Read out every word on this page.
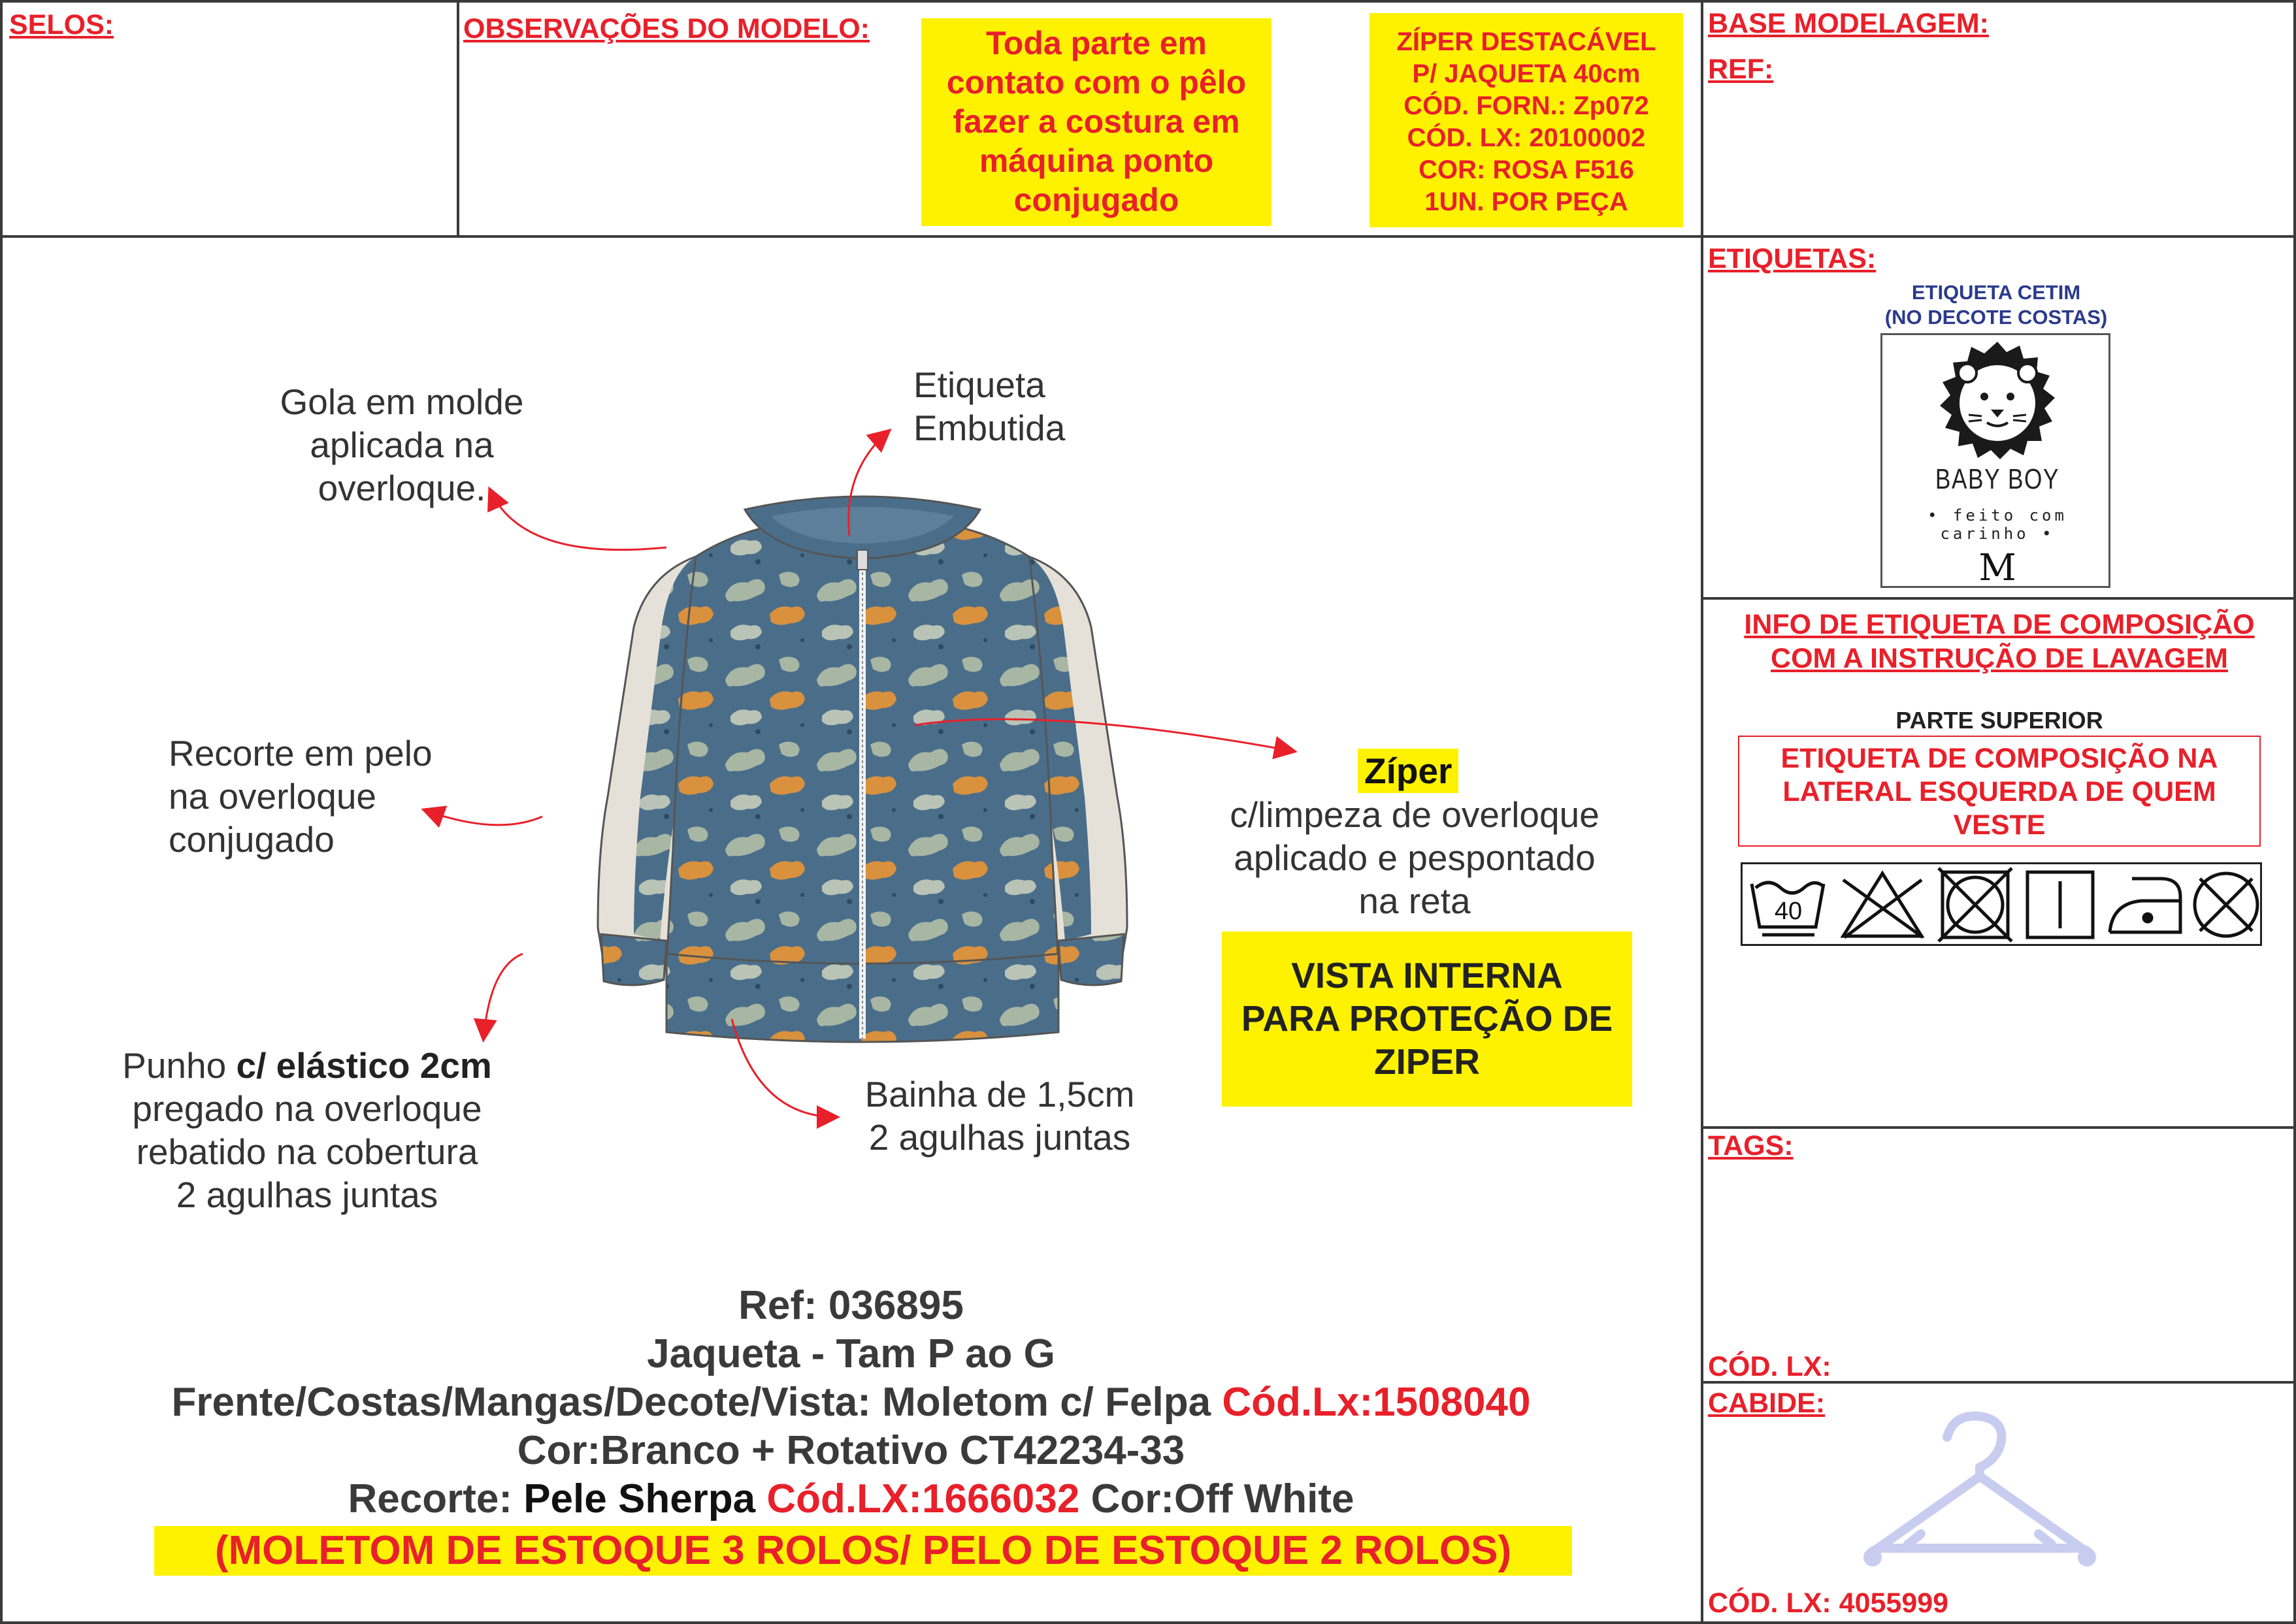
SELOS:	OBSERVAÇÕES DO MODELO:	Toda parte em
contato com o pêlo
fazer a costura em
máquina ponto
conjugado
ZÍPER DESTACÁVEL
P/ JAQUETA 40cm
CÓD. FORN.: Zp072
CÓD. LX: 20100002
COR: ROSA F516
1UN. POR PEÇA
BASE MODELAGEM:
REF:
ETIQUETAS:
ETIQUETA CETIM
(NO DECOTE COSTAS)
BABY BOY
• feito com carinho •
M
INFO DE ETIQUETA DE COMPOSIÇÃO
COM A INSTRUÇÃO DE LAVAGEM
PARTE SUPERIOR
ETIQUETA DE COMPOSIÇÃO NA
LATERAL ESQUERDA DE QUEM
VESTE
40
TAGS:
CÓD. LX:
CABIDE:
CÓD. LX: 4055999
Gola em molde
aplicada na
overloque.
Etiqueta
Embutida
Recorte em pelo
na overloque
conjugado
Zíper
c/limpeza de overloque
aplicado e pespontado
na reta
VISTA INTERNA
PARA PROTEÇÃO DE
ZIPER
Punho c/ elástico 2cm
pregado na overloque
rebatido na cobertura
2 agulhas juntas
Bainha de 1,5cm
2 agulhas juntas
Ref: 036895
Jaqueta - Tam P ao G
Frente/Costas/Mangas/Decote/Vista: Moletom c/ Felpa Cód.Lx:1508040
Cor:Branco + Rotativo CT42234-33
Recorte: Pele Sherpa Cód.LX:1666032 Cor:Off White
(MOLETOM DE ESTOQUE 3 ROLOS/ PELO DE ESTOQUE 2 ROLOS)
